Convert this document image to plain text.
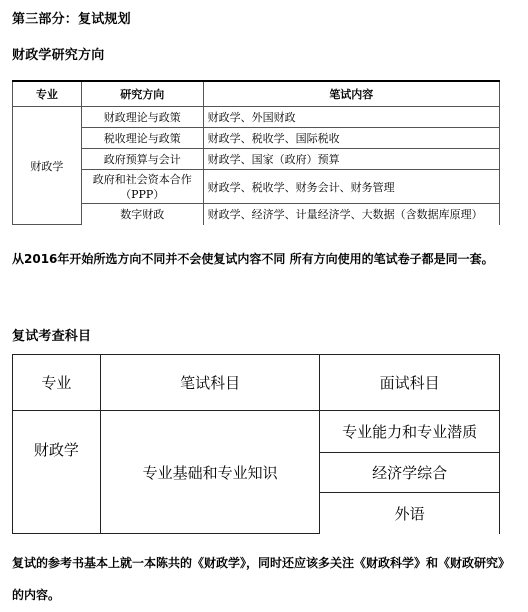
第三部分：复试规划
财政学研究方向
专业	研究方向	笔试内容
财政学	财政理论与政策	财政学、外国财政
	税收理论与政策	财政学、税收学、国际税收
	政府预算与会计	财政学、国家（政府）预算
	政府和社会资本合作（PPP）	财政学、税收学、财务会计、财务管理
	数字财政	财政学、经济学、计量经济学、大数据（含数据库原理）
从2016年开始所选方向不同并不会使复试内容不同 所有方向使用的笔试卷子都是同一套。
复试考查科目
专业	笔试科目	面试科目
财政学	专业基础和专业知识	专业能力和专业潜质
		经济学综合
		外语
复试的参考书基本上就一本陈共的《财政学》，同时还应该多关注《财政科学》和《财政研究》的内容。
